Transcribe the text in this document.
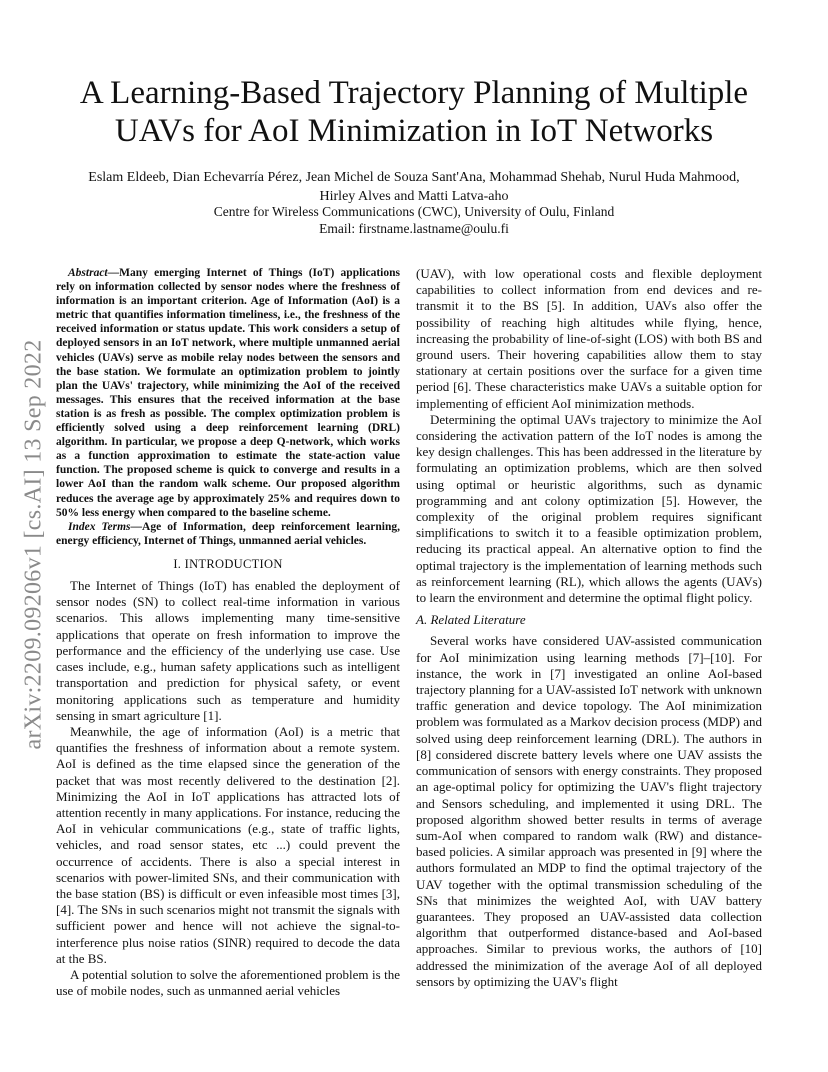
arXiv:2209.09206v1 [cs.AI] 13 Sep 2022
A Learning-Based Trajectory Planning of Multiple UAVs for AoI Minimization in IoT Networks
Eslam Eldeeb, Dian Echevarría Pérez, Jean Michel de Souza Sant'Ana, Mohammad Shehab, Nurul Huda Mahmood, Hirley Alves and Matti Latva-aho
Centre for Wireless Communications (CWC), University of Oulu, Finland
Email: firstname.lastname@oulu.fi

Abstract—Many emerging Internet of Things (IoT) applications rely on information collected by sensor nodes where the freshness of information is an important criterion. Age of Information (AoI) is a metric that quantifies information timeliness, i.e., the freshness of the received information or status update. This work considers a setup of deployed sensors in an IoT network, where multiple unmanned aerial vehicles (UAVs) serve as mobile relay nodes between the sensors and the base station. We formulate an optimization problem to jointly plan the UAVs' trajectory, while minimizing the AoI of the received messages. This ensures that the received information at the base station is as fresh as possible. The complex optimization problem is efficiently solved using a deep reinforcement learning (DRL) algorithm. In particular, we propose a deep Q-network, which works as a function approximation to estimate the state-action value function. The proposed scheme is quick to converge and results in a lower AoI than the random walk scheme. Our proposed algorithm reduces the average age by approximately 25% and requires down to 50% less energy when compared to the baseline scheme.

Index Terms—Age of Information, deep reinforcement learning, energy efficiency, Internet of Things, unmanned aerial vehicles.

I. INTRODUCTION

The Internet of Things (IoT) has enabled the deployment of sensor nodes (SN) to collect real-time information in various scenarios. This allows implementing many time-sensitive applications that operate on fresh information to improve the performance and the efficiency of the underlying use case. Use cases include, e.g., human safety applications such as intelligent transportation and prediction for physical safety, or event monitoring applications such as temperature and humidity sensing in smart agriculture [1].

Meanwhile, the age of information (AoI) is a metric that quantifies the freshness of information about a remote system. AoI is defined as the time elapsed since the generation of the packet that was most recently delivered to the destination [2]. Minimizing the AoI in IoT applications has attracted lots of attention recently in many applications. For instance, reducing the AoI in vehicular communications (e.g., state of traffic lights, vehicles, and road sensor states, etc ...) could prevent the occurrence of accidents. There is also a special interest in scenarios with power-limited SNs, and their communication with the base station (BS) is difficult or even infeasible most times [3], [4]. The SNs in such scenarios might not transmit the signals with sufficient power and hence will not achieve the signal-to-interference plus noise ratios (SINR) required to decode the data at the BS.

A potential solution to solve the aforementioned problem is the use of mobile nodes, such as unmanned aerial vehicles

(UAV), with low operational costs and flexible deployment capabilities to collect information from end devices and re-transmit it to the BS [5]. In addition, UAVs also offer the possibility of reaching high altitudes while flying, hence, increasing the probability of line-of-sight (LOS) with both BS and ground users. Their hovering capabilities allow them to stay stationary at certain positions over the surface for a given time period [6]. These characteristics make UAVs a suitable option for implementing of efficient AoI minimization methods.

Determining the optimal UAVs trajectory to minimize the AoI considering the activation pattern of the IoT nodes is among the key design challenges. This has been addressed in the literature by formulating an optimization problems, which are then solved using optimal or heuristic algorithms, such as dynamic programming and ant colony optimization [5]. However, the complexity of the original problem requires significant simplifications to switch it to a feasible optimization problem, reducing its practical appeal. An alternative option to find the optimal trajectory is the implementation of learning methods such as reinforcement learning (RL), which allows the agents (UAVs) to learn the environment and determine the optimal flight policy.

A. Related Literature

Several works have considered UAV-assisted communication for AoI minimization using learning methods [7]–[10]. For instance, the work in [7] investigated an online AoI-based trajectory planning for a UAV-assisted IoT network with unknown traffic generation and device topology. The AoI minimization problem was formulated as a Markov decision process (MDP) and solved using deep reinforcement learning (DRL). The authors in [8] considered discrete battery levels where one UAV assists the communication of sensors with energy constraints. They proposed an age-optimal policy for optimizing the UAV's flight trajectory and Sensors scheduling, and implemented it using DRL. The proposed algorithm showed better results in terms of average sum-AoI when compared to random walk (RW) and distance-based policies. A similar approach was presented in [9] where the authors formulated an MDP to find the optimal trajectory of the UAV together with the optimal transmission scheduling of the SNs that minimizes the weighted AoI, with UAV battery guarantees. They proposed an UAV-assisted data collection algorithm that outperformed distance-based and AoI-based approaches. Similar to previous works, the authors of [10] addressed the minimization of the average AoI of all deployed sensors by optimizing the UAV's flight
